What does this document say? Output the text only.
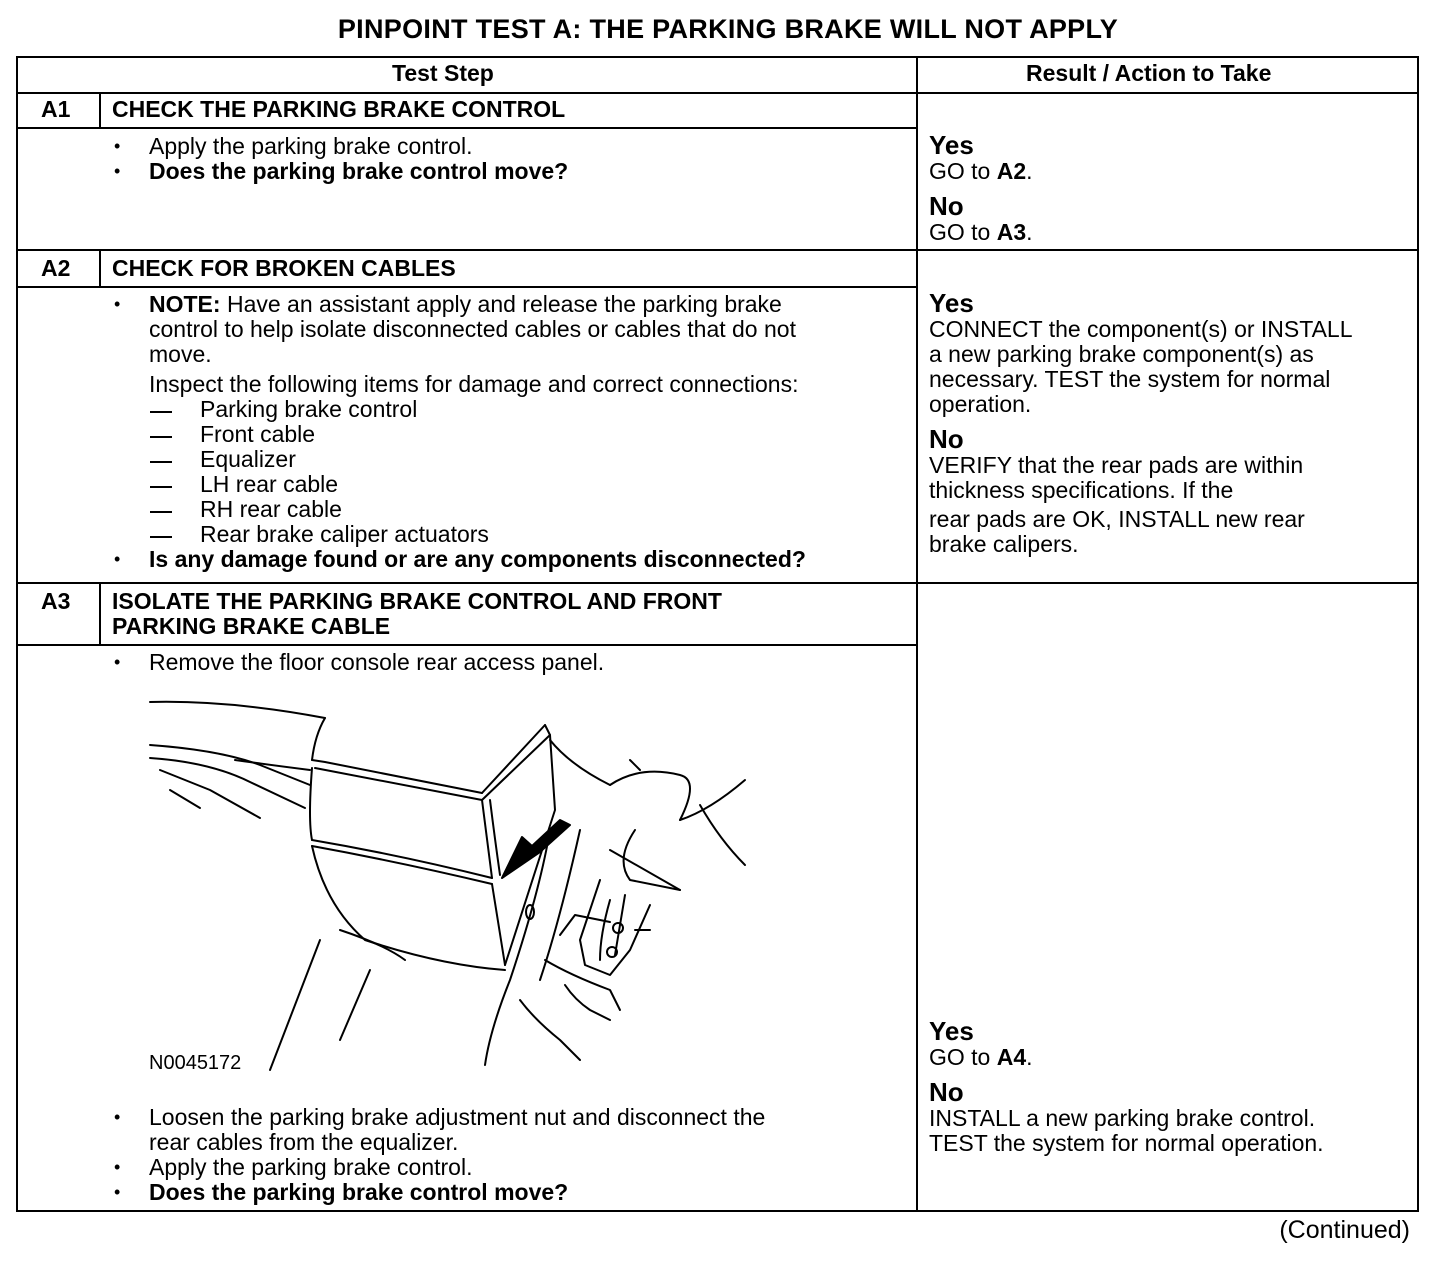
PINPOINT TEST A: THE PARKING BRAKE WILL NOT APPLY
Test Step	Result / Action to Take
A1 CHECK THE PARKING BRAKE CONTROL
• Apply the parking brake control.
• Does the parking brake control move?
Yes
GO to A2.
No
GO to A3.
A2 CHECK FOR BROKEN CABLES
• NOTE: Have an assistant apply and release the parking brake
control to help isolate disconnected cables or cables that do not
move.
Inspect the following items for damage and correct connections:
Parking brake control
Front cable
Equalizer
LH rear cable
RH rear cable
Rear brake caliper actuators
• Is any damage found or are any components disconnected?
Yes
CONNECT the component(s) or INSTALL
a new parking brake component(s) as
necessary. TEST the system for normal
operation.
No
VERIFY that the rear pads are within
thickness specifications. If the
rear pads are OK, INSTALL new rear
brake calipers.
A3 ISOLATE THE PARKING BRAKE CONTROL AND FRONT
PARKING BRAKE CABLE
• Remove the floor console rear access panel.
N0045172
• Loosen the parking brake adjustment nut and disconnect the
rear cables from the equalizer.
• Apply the parking brake control.
• Does the parking brake control move?
Yes
GO to A4.
No
INSTALL a new parking brake control.
TEST the system for normal operation.
(Continued)
